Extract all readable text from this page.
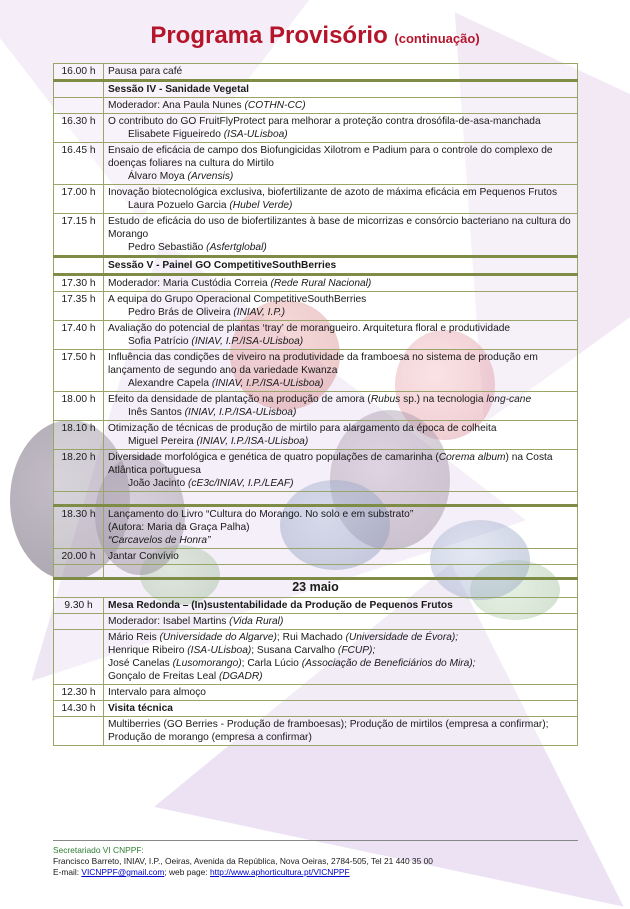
Programa Provisório (continuação)
16.00 h	Pausa para café
	Sessão IV - Sanidade Vegetal
	Moderador: Ana Paula Nunes (COTHN-CC)
16.30 h	O contributo do GO FruitFlyProtect para melhorar a proteção contra drosófila-de-asa-manchada
Elisabete Figueiredo (ISA-ULisboa)

16.45 h	Ensaio de eficácia de campo dos Biofungicidas Xilotrom e Padium para o controle do complexo de doenças foliares na cultura do Mirtilo
Álvaro Moya (Arvensis)

17.00 h	Inovação biotecnológica exclusiva, biofertilizante de azoto de máxima eficácia em Pequenos Frutos
Laura Pozuelo Garcia (Hubel Verde)

17.15 h	Estudo de eficácia do uso de biofertilizantes à base de micorrizas e consórcio bacteriano na cultura do Morango
Pedro Sebastião (Asfertglobal)

	Sessão V - Painel GO CompetitiveSouthBerries
17.30 h	Moderador: Maria Custódia Correia (Rede Rural Nacional)
17.35 h	A equipa do Grupo Operacional CompetitiveSouthBerries
Pedro Brás de Oliveira (INIAV, I.P.)

17.40 h	Avaliação do potencial de plantas ‘tray’ de morangueiro. Arquitetura floral e produtividade
Sofia Patrício (INIAV, I.P./ISA-ULisboa)

17.50 h	Influência das condições de viveiro na produtividade da framboesa no sistema de produção em lançamento de segundo ano da variedade Kwanza
Alexandre Capela (INIAV, I.P./ISA-ULisboa)

18.00 h	Efeito da densidade de plantação na produção de amora (Rubus sp.) na tecnologia long-cane
Inês Santos (INIAV, I.P./ISA-ULisboa)

18.10 h	Otimização de técnicas de produção de mirtilo para alargamento da época de colheita
Miguel Pereira (INIAV, I.P./ISA-ULisboa)

18.20 h	Diversidade morfológica e genética de quatro populações de camarinha (Corema album) na Costa Atlântica portuguesa
João Jacinto (cE3c/INIAV, I.P./LEAF)

18.30 h	Lançamento do Livro “Cultura do Morango. No solo e em substrato”
(Autora: Maria da Graça Palha)
“Carcavelos de Honra”
20.00 h	Jantar Convívio

23 maio	
9.30 h	Mesa Redonda – (In)sustentabilidade da Produção de Pequenos Frutos
	Moderador: Isabel Martins (Vida Rural)
	Mário Reis (Universidade do Algarve); Rui Machado (Universidade de Évora);
Henrique Ribeiro (ISA-ULisboa); Susana Carvalho (FCUP);
José Canelas (Lusomorango); Carla Lúcio (Associação de Beneficiários do Mira);
Gonçalo de Freitas Leal (DGADR)
12.30 h	Intervalo para almoço
14.30 h	Visita técnica
	Multiberries (GO Berries - Produção de framboesas); Produção de mirtilos (empresa a confirmar); Produção de morango (empresa a confirmar)
Secretariado VI CNPPF:
Francisco Barreto, INIAV, I.P., Oeiras, Avenida da República, Nova Oeiras, 2784-505, Tel 21 440 35 00
E-mail: VICNPPF@gmail.com; web page: http://www.aphorticultura.pt/VICNPPF
